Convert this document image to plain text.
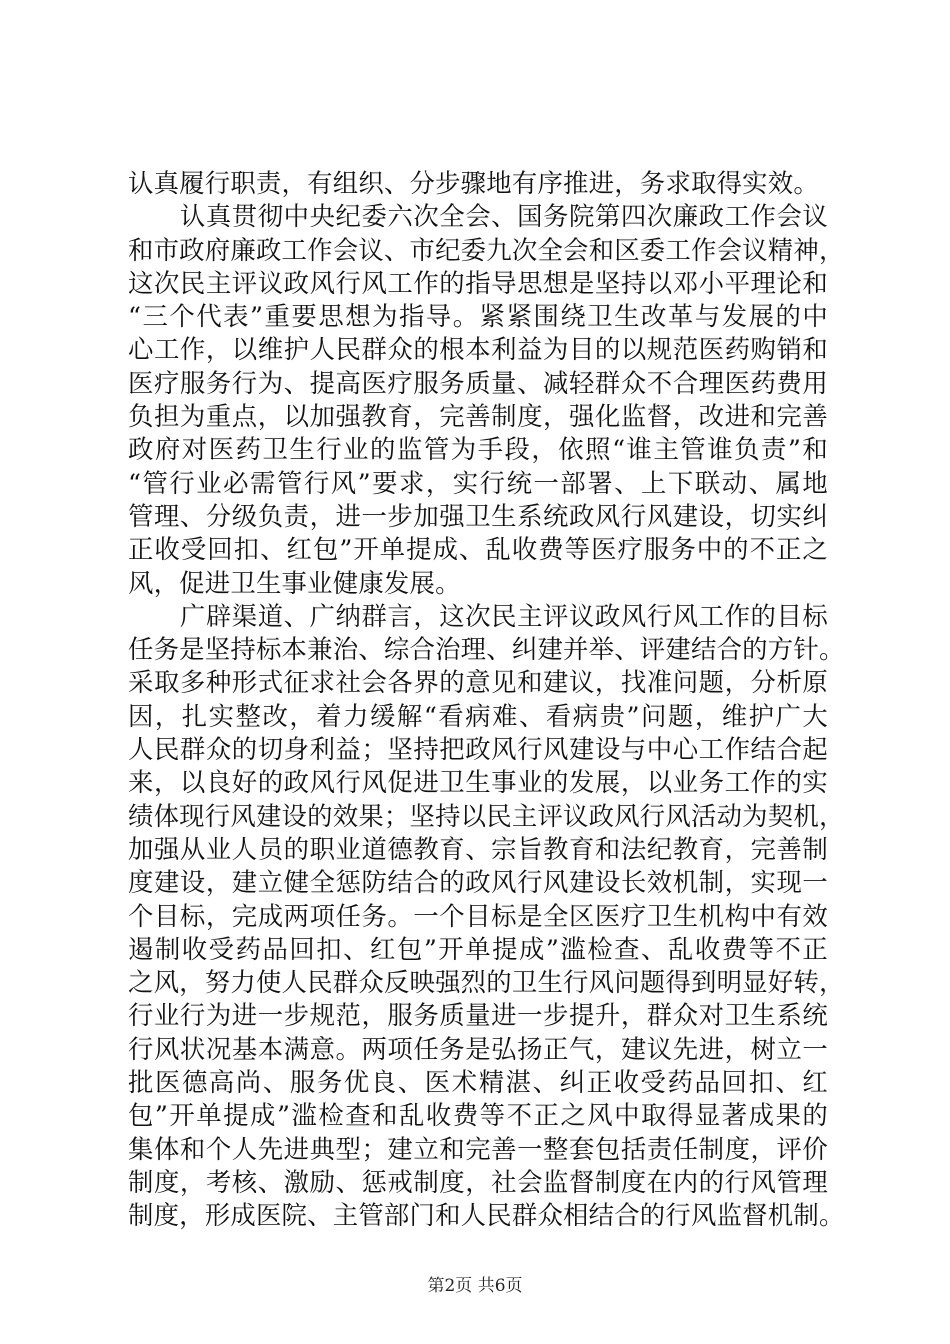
认真履行职责，有组织、分步骤地有序推进，务求取得实效。
　　认真贯彻中央纪委六次全会、国务院第四次廉政工作会议
和市政府廉政工作会议、市纪委九次全会和区委工作会议精神，
这次民主评议政风行风工作的指导思想是坚持以邓小平理论和
“三个代表”重要思想为指导。紧紧围绕卫生改革与发展的中
心工作，以维护人民群众的根本利益为目的以规范医药购销和
医疗服务行为、提高医疗服务质量、减轻群众不合理医药费用
负担为重点，以加强教育，完善制度，强化监督，改进和完善
政府对医药卫生行业的监管为手段，依照“谁主管谁负责”和
“管行业必需管行风”要求，实行统一部署、上下联动、属地
管理、分级负责，进一步加强卫生系统政风行风建设，切实纠
正收受回扣、红包”开单提成、乱收费等医疗服务中的不正之
风，促进卫生事业健康发展。
　　广辟渠道、广纳群言，这次民主评议政风行风工作的目标
任务是坚持标本兼治、综合治理、纠建并举、评建结合的方针。
采取多种形式征求社会各界的意见和建议，找准问题，分析原
因，扎实整改，着力缓解“看病难、看病贵”问题，维护广大
人民群众的切身利益；坚持把政风行风建设与中心工作结合起
来，以良好的政风行风促进卫生事业的发展，以业务工作的实
绩体现行风建设的效果；坚持以民主评议政风行风活动为契机，
加强从业人员的职业道德教育、宗旨教育和法纪教育，完善制
度建设，建立健全惩防结合的政风行风建设长效机制，实现一
个目标，完成两项任务。一个目标是全区医疗卫生机构中有效
遏制收受药品回扣、红包”开单提成”滥检查、乱收费等不正
之风，努力使人民群众反映强烈的卫生行风问题得到明显好转，
行业行为进一步规范，服务质量进一步提升，群众对卫生系统
行风状况基本满意。两项任务是弘扬正气，建议先进，树立一
批医德高尚、服务优良、医术精湛、纠正收受药品回扣、红
包”开单提成”滥检查和乱收费等不正之风中取得显著成果的
集体和个人先进典型；建立和完善一整套包括责任制度，评价
制度，考核、激励、惩戒制度，社会监督制度在内的行风管理
制度，形成医院、主管部门和人民群众相结合的行风监督机制。
第2页 共6页
